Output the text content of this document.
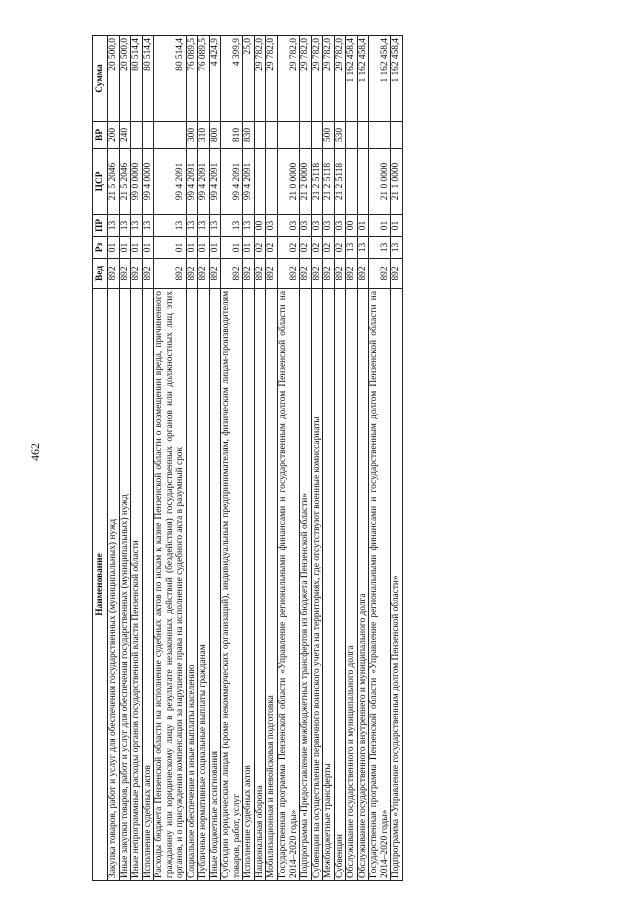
462
Наименование	Вед	Рз	ПР	ЦСР	ВР	Сумма
Закупка товаров, работ и услуг для обеспечения государственных (муниципальных) нужд	892	01	13	21 5 2046	200	20 500,0
Иные закупки товаров, работ и услуг для обеспечения государственных (муниципальных) нужд	892	01	13	21 5 2046	240	20 500,0
Иные непрограммные расходы органов государственной власти Пензенской области	892	01	13	99 0 0000		80 514,4
Исполнение судебных актов	892	01	13	99 4 0000		80 514,4
Расходы бюджета Пензенской области на исполнение судебных актов по искам к казне Пензенской области о возмещении вреда, причиненного гражданину или юридическому лицу в результате незаконных действий (бездействия) государственных органов или должностных лиц этих органов, и о присуждении компенсации за нарушение права на исполнение судебного акта в разумный срок	892	01	13	99 4 2091		80 514,4
Социальное обеспечение и иные выплаты населению	892	01	13	99 4 2091	300	76 089,5
Публичные нормативные социальные выплаты гражданам	892	01	13	99 4 2091	310	76 089,5
Иные бюджетные ассигнования	892	01	13	99 4 2091	800	4 424,9
Субсидии юридическим лицам (кроме некоммерческих организаций), индивидуальным предпринимателям, физическим лицам-производителям товаров, работ, услуг	892	01	13	99 4 2091	810	4 399,9
Исполнение судебных актов	892	01	13	99 4 2091	830	25,0
Национальная оборона	892	02	00			29 782,0
Мобилизационная и вневойсковая подготовка	892	02	03			29 782,0
Государственная программа Пензенской области «Управление региональными финансами и государственным долгом Пензенской области на 2014–2020 годы»	892	02	03	21 0 0000		29 782,0
Подпрограмма «Предоставление межбюджетных трансфертов из бюджета Пензенской области»	892	02	03	21 2 0000		29 782,0
Субвенции на осуществление первичного воинского учета на территориях, где отсутствуют военные комиссариаты	892	02	03	21 2 5118		29 782,0
Межбюджетные трансферты	892	02	03	21 2 5118	500	29 782,0
Субвенции	892	02	03	21 2 5118	530	29 782,0
Обслуживание государственного и муниципального долга	892	13	00			1 162 458,4
Обслуживание государственного внутреннего и муниципального долга	892	13	01			1 162 458,4
Государственная программа Пензенской области «Управление региональными финансами и государственным долгом Пензенской области на 2014–2020 годы»	892	13	01	21 0 0000		1 162 458,4
Подпрограмма «Управление государственным долгом Пензенской области»	892	13	01	21 1 0000		1 162 458,4
